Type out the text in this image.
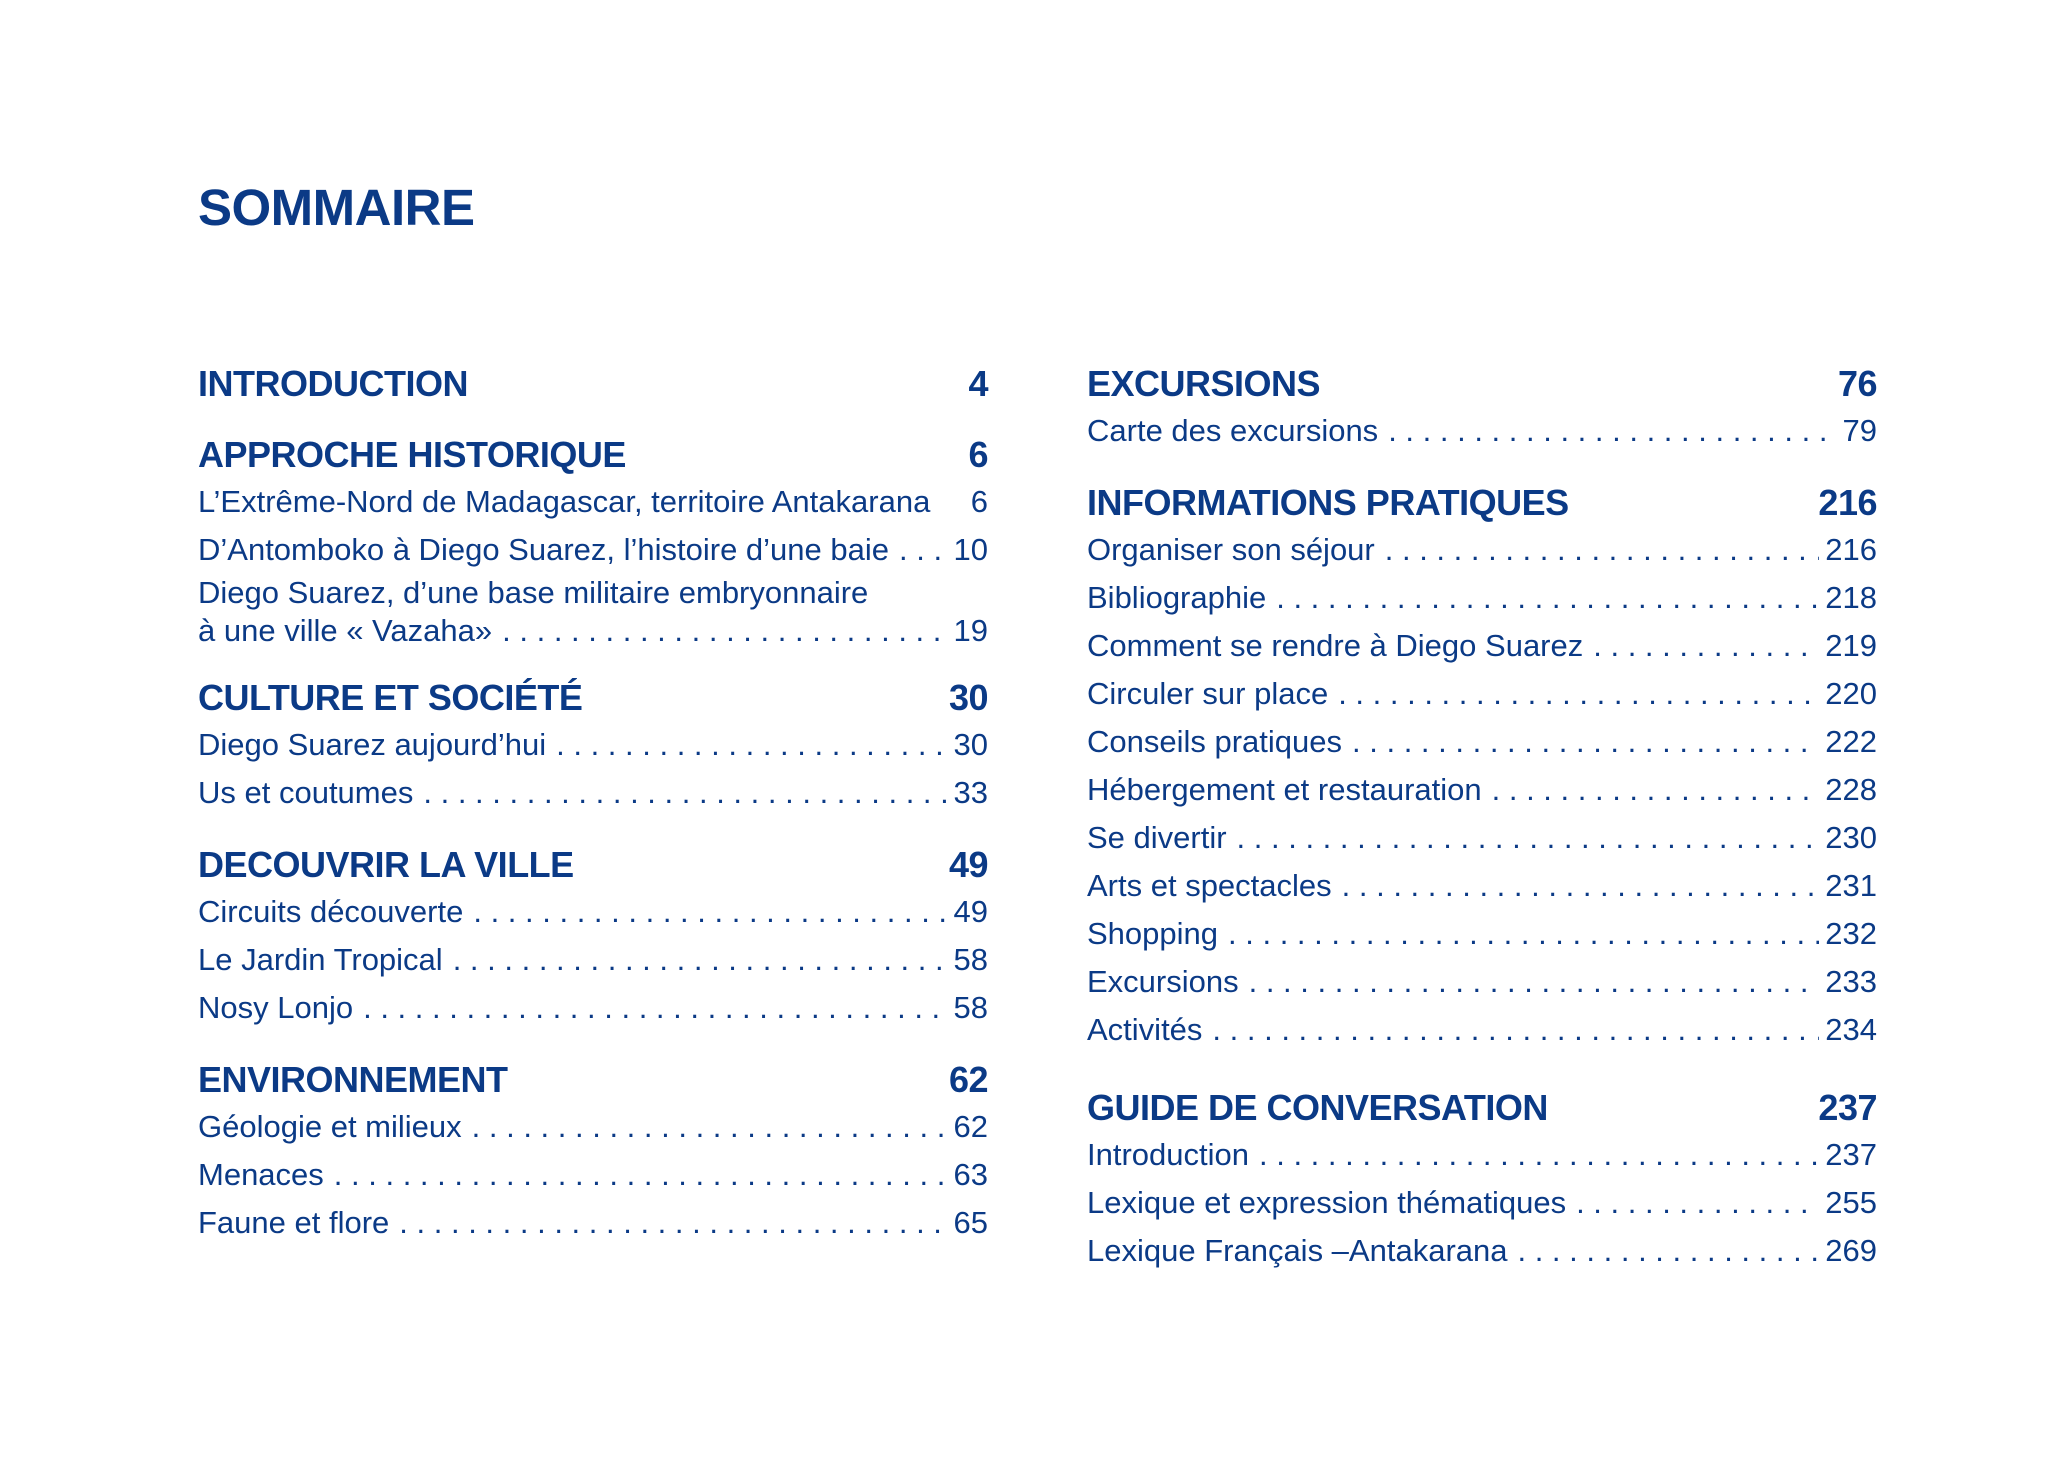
SOMMAIRE
INTRODUCTION	4
APPROCHE HISTORIQUE	6
L’Extrême-Nord de Madagascar, territoire Antakarana	6
D’Antomboko à Diego Suarez, l’histoire d’une baie . . .	10
Diego Suarez, d’une base militaire embryonnaire
à une ville « Vazaha» . . .	19
CULTURE ET SOCIÉTÉ	30
Diego Suarez aujourd’hui . . .	30
Us et coutumes . . .	33
DECOUVRIR LA VILLE	49
Circuits découverte . . .	49
Le Jardin Tropical . . .	58
Nosy Lonjo . . .	58
ENVIRONNEMENT	62
Géologie et milieux . . .	62
Menaces . . .	63
Faune et flore . . .	65
EXCURSIONS	76
Carte des excursions . . .	79
INFORMATIONS PRATIQUES	216
Organiser son séjour . . .	216
Bibliographie . . .	218
Comment se rendre à Diego Suarez . . .	219
Circuler sur place . . .	220
Conseils pratiques . . .	222
Hébergement et restauration . . .	228
Se divertir . . .	230
Arts et spectacles . . .	231
Shopping . . .	232
Excursions . . .	233
Activités . . .	234
GUIDE DE CONVERSATION	237
Introduction . . .	237
Lexique et expression thématiques . . .	255
Lexique Français –Antakarana . . .	269
